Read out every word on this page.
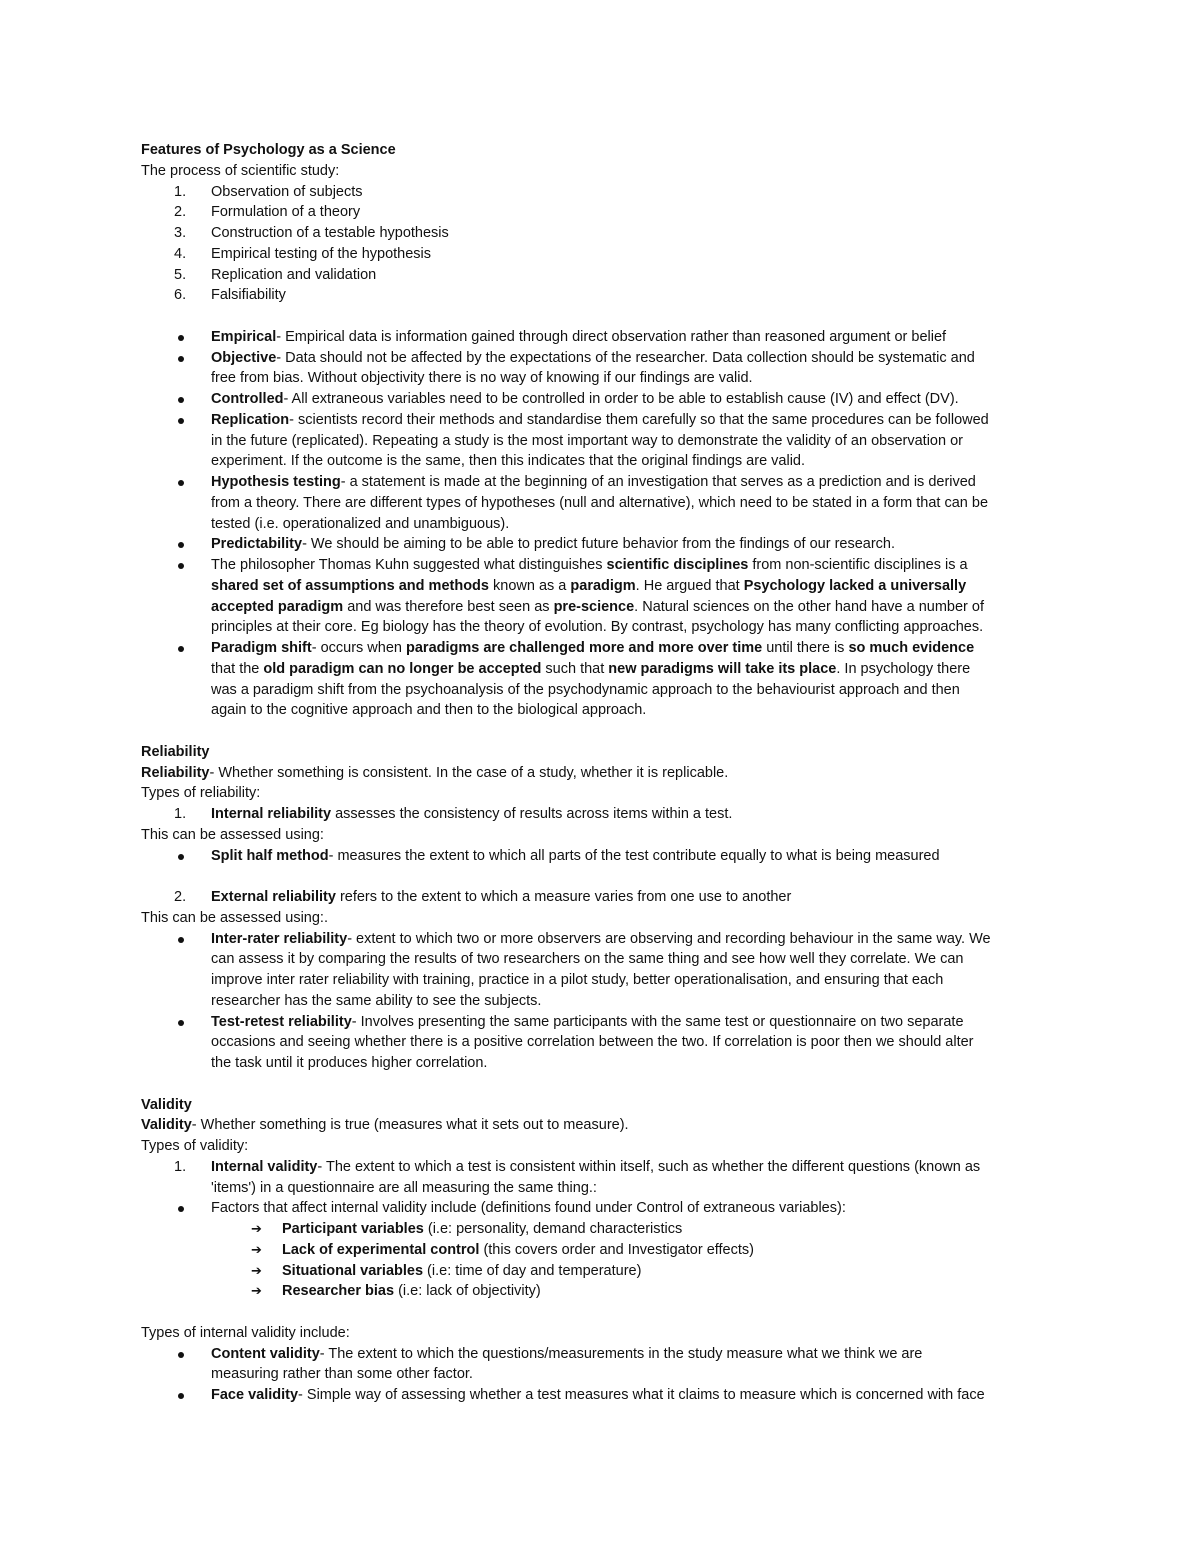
Features of Psychology as a Science
The process of scientific study:
1. Observation of subjects
2. Formulation of a theory
3. Construction of a testable hypothesis
4. Empirical testing of the hypothesis
5. Replication and validation
6. Falsifiability
Empirical- Empirical data is information gained through direct observation rather than reasoned argument or belief
Objective- Data should not be affected by the expectations of the researcher. Data collection should be systematic and
free from bias. Without objectivity there is no way of knowing if our findings are valid.
Controlled- All extraneous variables need to be controlled in order to be able to establish cause (IV) and effect (DV).
Replication- scientists record their methods and standardise them carefully so that the same procedures can be followed
in the future (replicated). Repeating a study is the most important way to demonstrate the validity of an observation or
experiment. If the outcome is the same, then this indicates that the original findings are valid.
Hypothesis testing- a statement is made at the beginning of an investigation that serves as a prediction and is derived
from a theory. There are different types of hypotheses (null and alternative), which need to be stated in a form that can be
tested (i.e. operationalized and unambiguous).
Predictability- We should be aiming to be able to predict future behavior from the findings of our research.
The philosopher Thomas Kuhn suggested what distinguishes scientific disciplines from non-scientific disciplines is a
shared set of assumptions and methods known as a paradigm. He argued that Psychology lacked a universally
accepted paradigm and was therefore best seen as pre-science. Natural sciences on the other hand have a number of
principles at their core. Eg biology has the theory of evolution. By contrast, psychology has many conflicting approaches.
Paradigm shift- occurs when paradigms are challenged more and more over time until there is so much evidence
that the old paradigm can no longer be accepted such that new paradigms will take its place. In psychology there
was a paradigm shift from the psychoanalysis of the psychodynamic approach to the behaviourist approach and then
again to the cognitive approach and then to the biological approach.
Reliability
Reliability- Whether something is consistent. In the case of a study, whether it is replicable.
Types of reliability:
1. Internal reliability assesses the consistency of results across items within a test.
This can be assessed using:
Split half method- measures the extent to which all parts of the test contribute equally to what is being measured
2. External reliability refers to the extent to which a measure varies from one use to another
This can be assessed using:.
Inter-rater reliability- extent to which two or more observers are observing and recording behaviour in the same way. We
can assess it by comparing the results of two researchers on the same thing and see how well they correlate. We can
improve inter rater reliability with training, practice in a pilot study, better operationalisation, and ensuring that each
researcher has the same ability to see the subjects.
Test-retest reliability- Involves presenting the same participants with the same test or questionnaire on two separate
occasions and seeing whether there is a positive correlation between the two. If correlation is poor then we should alter
the task until it produces higher correlation.
Validity
Validity- Whether something is true (measures what it sets out to measure).
Types of validity:
1. Internal validity- The extent to which a test is consistent within itself, such as whether the different questions (known as
'items') in a questionnaire are all measuring the same thing.:
Factors that affect internal validity include (definitions found under Control of extraneous variables):
➔ Participant variables (i.e: personality, demand characteristics
➔ Lack of experimental control (this covers order and Investigator effects)
➔ Situational variables (i.e: time of day and temperature)
➔ Researcher bias (i.e: lack of objectivity)
Types of internal validity include:
Content validity- The extent to which the questions/measurements in the study measure what we think we are
measuring rather than some other factor.
Face validity- Simple way of assessing whether a test measures what it claims to measure which is concerned with face
